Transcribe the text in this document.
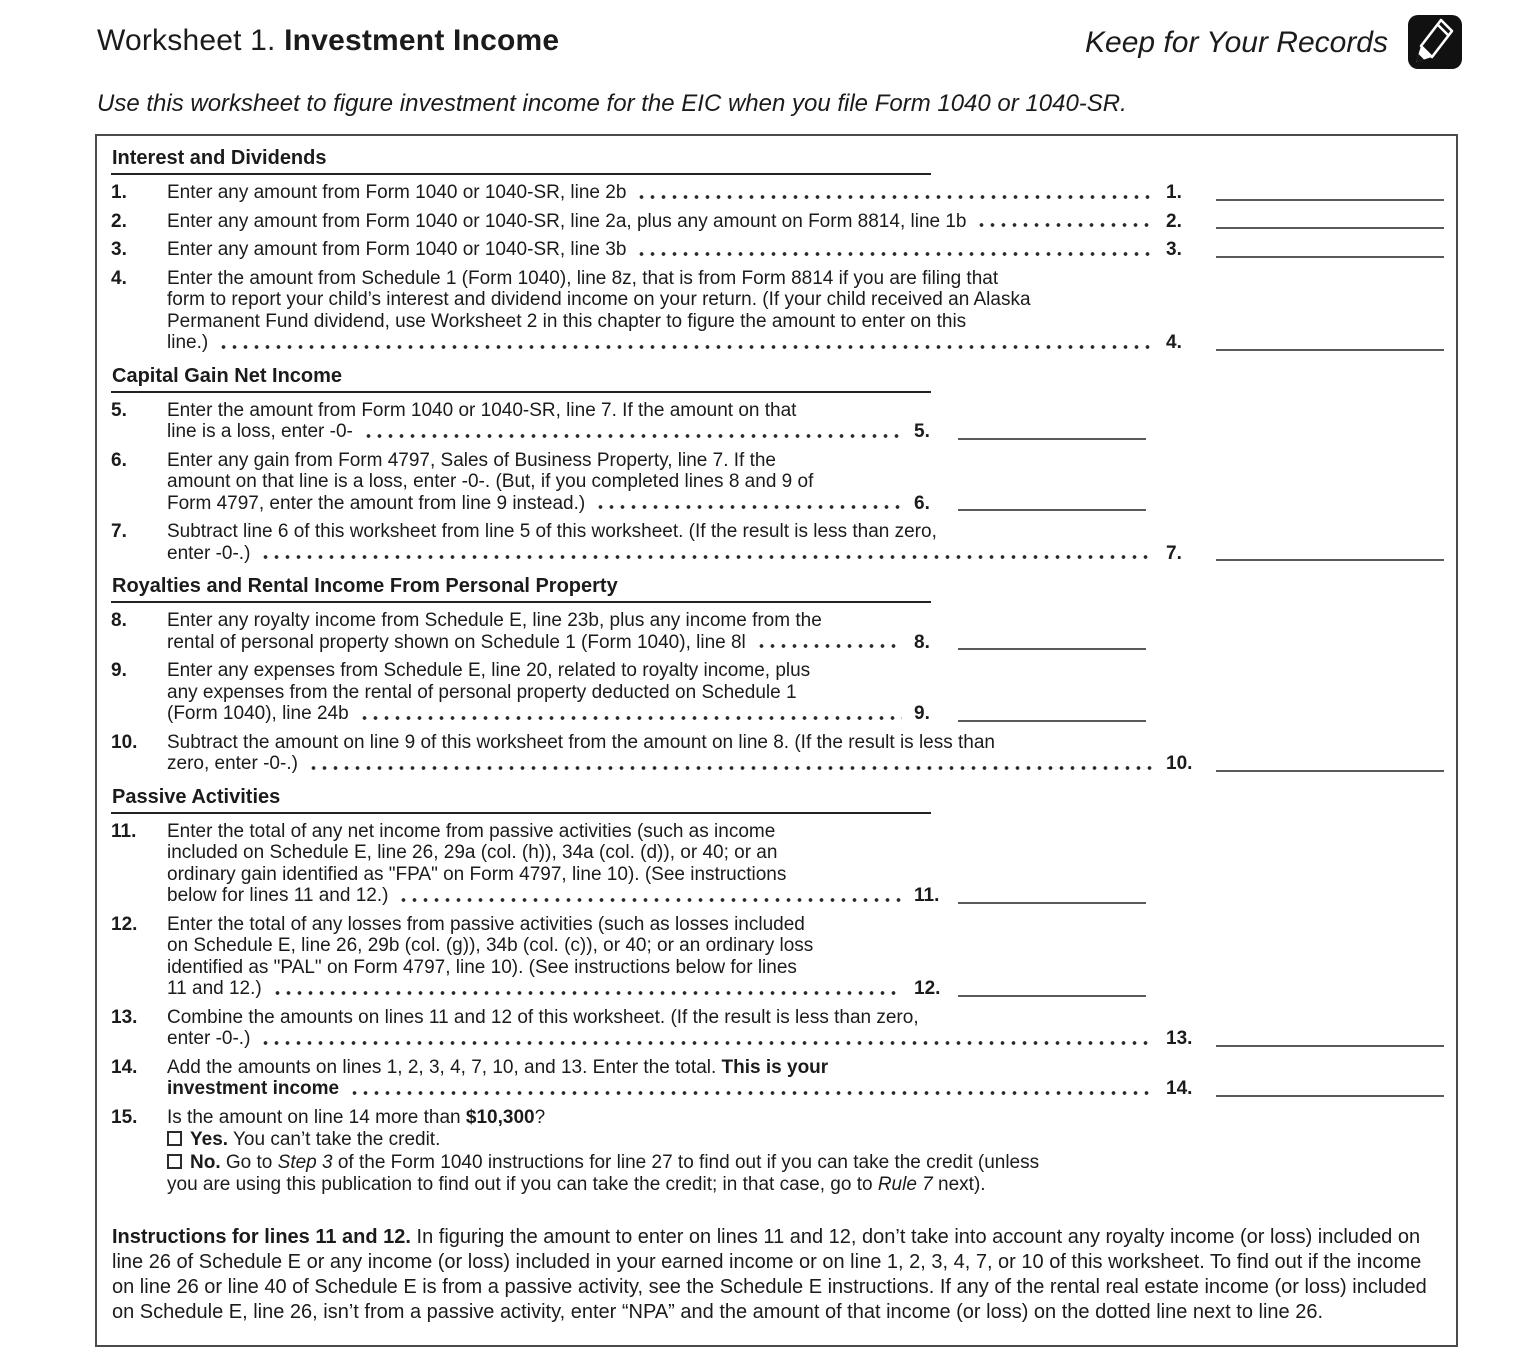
Worksheet 1. Investment Income	Keep for Your Records

Use this worksheet to figure investment income for the EIC when you file Form 1040 or 1040-SR.

Interest and Dividends
1.	Enter any amount from Form 1040 or 1040-SR, line 2b	1.
2.	Enter any amount from Form 1040 or 1040-SR, line 2a, plus any amount on Form 8814, line 1b	2.
3.	Enter any amount from Form 1040 or 1040-SR, line 3b	3.
4.	Enter the amount from Schedule 1 (Form 1040), line 8z, that is from Form 8814 if you are filing that
form to report your child’s interest and dividend income on your return. (If your child received an Alaska
Permanent Fund dividend, use Worksheet 2 in this chapter to figure the amount to enter on this
line.)	4.
Capital Gain Net Income
5.	Enter the amount from Form 1040 or 1040-SR, line 7. If the amount on that
line is a loss, enter -0-	5.
6.	Enter any gain from Form 4797, Sales of Business Property, line 7. If the
amount on that line is a loss, enter -0-. (But, if you completed lines 8 and 9 of
Form 4797, enter the amount from line 9 instead.)	6.
7.	Subtract line 6 of this worksheet from line 5 of this worksheet. (If the result is less than zero,
enter -0-.)	7.
Royalties and Rental Income From Personal Property
8.	Enter any royalty income from Schedule E, line 23b, plus any income from the
rental of personal property shown on Schedule 1 (Form 1040), line 8l	8.
9.	Enter any expenses from Schedule E, line 20, related to royalty income, plus
any expenses from the rental of personal property deducted on Schedule 1
(Form 1040), line 24b	9.
10.	Subtract the amount on line 9 of this worksheet from the amount on line 8. (If the result is less than
zero, enter -0-.)	10.
Passive Activities
11.	Enter the total of any net income from passive activities (such as income
included on Schedule E, line 26, 29a (col. (h)), 34a (col. (d)), or 40; or an
ordinary gain identified as "FPA" on Form 4797, line 10). (See instructions
below for lines 11 and 12.)	11.
12.	Enter the total of any losses from passive activities (such as losses included
on Schedule E, line 26, 29b (col. (g)), 34b (col. (c)), or 40; or an ordinary loss
identified as "PAL" on Form 4797, line 10). (See instructions below for lines
11 and 12.)	12.
13.	Combine the amounts on lines 11 and 12 of this worksheet. (If the result is less than zero,
enter -0-.)	13.
14.	Add the amounts on lines 1, 2, 3, 4, 7, 10, and 13. Enter the total. This is your
investment income	14.
15.	Is the amount on line 14 more than $10,300?
Yes. You can’t take the credit.
No. Go to Step 3 of the Form 1040 instructions for line 27 to find out if you can take the credit (unless
you are using this publication to find out if you can take the credit; in that case, go to Rule 7 next).

Instructions for lines 11 and 12. In figuring the amount to enter on lines 11 and 12, don’t take into account any royalty income (or loss) included on line 26 of Schedule E or any income (or loss) included in your earned income or on line 1, 2, 3, 4, 7, or 10 of this worksheet. To find out if the income on line 26 or line 40 of Schedule E is from a passive activity, see the Schedule E instructions. If any of the rental real estate income (or loss) included on Schedule E, line 26, isn’t from a passive activity, enter “NPA” and the amount of that income (or loss) on the dotted line next to line 26.
